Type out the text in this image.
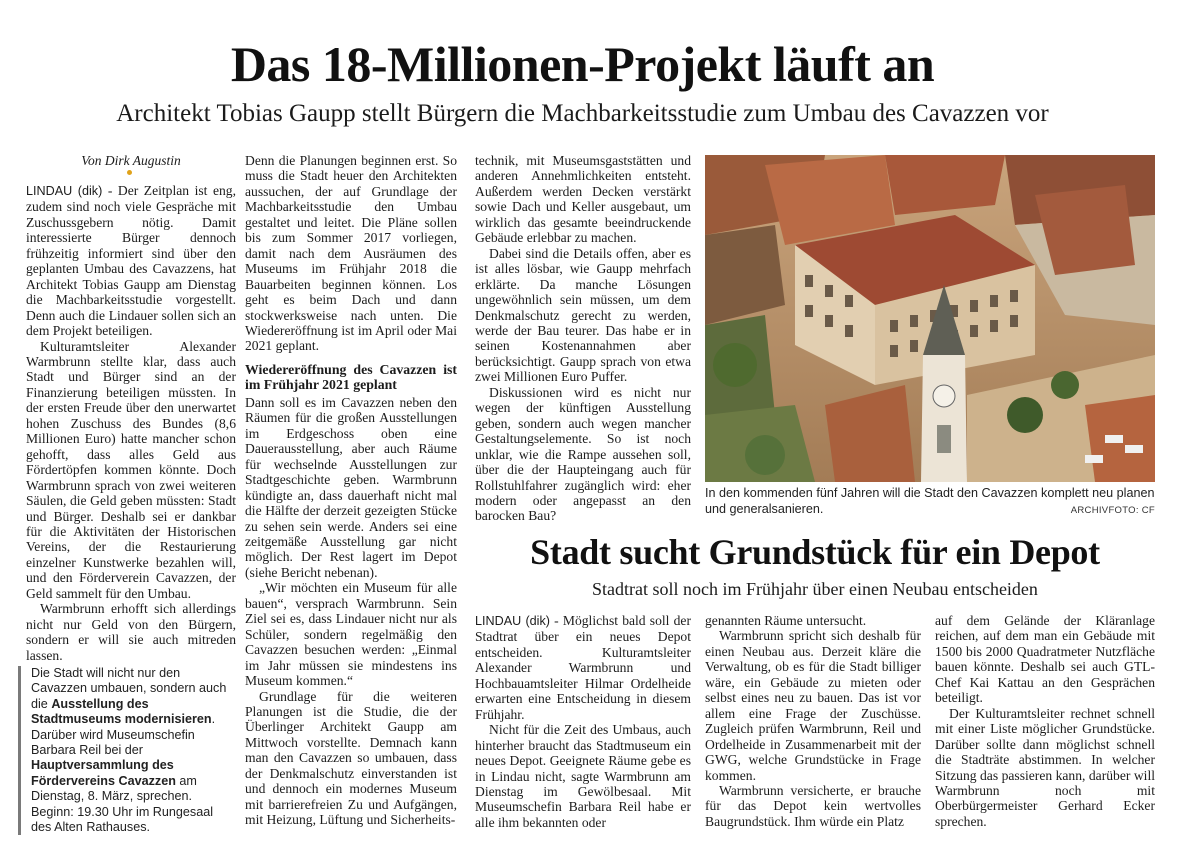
Das 18-Millionen-Projekt läuft an
Architekt Tobias Gaupp stellt Bürgern die Machbarkeitsstudie zum Umbau des Cavazzen vor
Von Dirk Augustin

LINDAU (dik) - Der Zeitplan ist eng, zudem sind noch viele Gespräche mit Zuschussgebern nötig. Damit interessierte Bürger dennoch frühzeitig informiert sind über den geplanten Umbau des Cavazzens, hat Architekt Tobias Gaupp am Dienstag die Machbarkeitsstudie vorgestellt. Denn auch die Lindauer sollen sich an dem Projekt beteiligen.

Kulturamtsleiter Alexander Warmbrunn stellte klar, dass auch Stadt und Bürger sind an der Finanzierung beteiligen müssten. In der ersten Freude über den unerwartet hohen Zuschuss des Bundes (8,6 Millionen Euro) hatte mancher schon gehofft, dass alles Geld aus Fördertöpfen kommen könnte. Doch Warmbrunn sprach von zwei weiteren Säulen, die Geld geben müssten: Stadt und Bürger. Deshalb sei er dankbar für die Aktivitäten der Historischen Vereins, der die Restaurierung einzelner Kunstwerke bezahlen will, und den Förderverein Cavazzen, der Geld sammelt für den Umbau.

Warmbrunn erhofft sich allerdings nicht nur Geld von den Bürgern, sondern er will sie auch mitreden lassen.

Die Stadt will nicht nur den Cavazzen umbauen, sondern auch die Ausstellung des Stadtmuseums modernisieren. Darüber wird Museumschefin Barbara Reil bei der Hauptversammlung des Fördervereins Cavazzen am Dienstag, 8. März, sprechen. Beginn: 19.30 Uhr im Rungesaal des Alten Rathauses.

Denn die Planungen beginnen erst. So muss die Stadt heuer den Architekten aussuchen, der auf Grundlage der Machbarkeitsstudie den Umbau gestaltet und leitet. Die Pläne sollen bis zum Sommer 2017 vorliegen, damit nach dem Ausräumen des Museums im Frühjahr 2018 die Bauarbeiten beginnen können. Los geht es beim Dach und dann stockwerksweise nach unten. Die Wiedereröffnung ist im April oder Mai 2021 geplant.

Wiedereröffnung des Cavazzen ist im Frühjahr 2021 geplant

Dann soll es im Cavazzen neben den Räumen für die großen Ausstellungen im Erdgeschoss oben eine Dauerausstellung, aber auch Räume für wechselnde Ausstellungen zur Stadtgeschichte geben. Warmbrunn kündigte an, dass dauerhaft nicht mal die Hälfte der derzeit gezeigten Stücke zu sehen sein werde. Anders sei eine zeitgemäße Ausstellung gar nicht möglich. Der Rest lagert im Depot (siehe Bericht nebenan).

„Wir möchten ein Museum für alle bauen“, versprach Warmbrunn. Sein Ziel sei es, dass Lindauer nicht nur als Schüler, sondern regelmäßig den Cavazzen besuchen werden: „Einmal im Jahr müssen sie mindestens ins Museum kommen.“

Grundlage für die weiteren Planungen ist die Studie, die der Überlinger Architekt Gaupp am Mittwoch vorstellte. Demnach kann man den Cavazzen so umbauen, dass der Denkmalschutz einverstanden ist und dennoch ein modernes Museum mit barrierefreien Zu und Aufgängen, mit Heizung, Lüftung und Sicherheits-

technik, mit Museumsgaststätten und anderen Annehmlichkeiten entsteht. Außerdem werden Decken verstärkt sowie Dach und Keller ausgebaut, um wirklich das gesamte beeindruckende Gebäude erlebbar zu machen.

Dabei sind die Details offen, aber es ist alles lösbar, wie Gaupp mehrfach erklärte. Da manche Lösungen ungewöhnlich sein müssen, um dem Denkmalschutz gerecht zu werden, werde der Bau teurer. Das habe er in seinen Kostenannahmen aber berücksichtigt. Gaupp sprach von etwa zwei Millionen Euro Puffer.

Diskussionen wird es nicht nur wegen der künftigen Ausstellung geben, sondern auch wegen mancher Gestaltungselemente. So ist noch unklar, wie die Rampe aussehen soll, über die der Haupteingang auch für Rollstuhlfahrer zugänglich wird: eher modern oder angepasst an den barocken Bau?

In den kommenden fünf Jahren will die Stadt den Cavazzen komplett neu planen und generalsanieren.	ARCHIVFOTO: CF
Stadt sucht Grundstück für ein Depot
Stadtrat soll noch im Frühjahr über einen Neubau entscheiden

LINDAU (dik) - Möglichst bald soll der Stadtrat über ein neues Depot entscheiden. Kulturamtsleiter Alexander Warmbrunn und Hochbauamtsleiter Hilmar Ordelheide erwarten eine Entscheidung in diesem Frühjahr.

Nicht für die Zeit des Umbaus, auch hinterher braucht das Stadtmuseum ein neues Depot. Geeignete Räume gebe es in Lindau nicht, sagte Warmbrunn am Dienstag im Gewölbesaal. Mit Museumschefin Barbara Reil habe er alle ihm bekannten oder

genannten Räume untersucht.

Warmbrunn spricht sich deshalb für einen Neubau aus. Derzeit kläre die Verwaltung, ob es für die Stadt billiger wäre, ein Gebäude zu mieten oder selbst eines neu zu bauen. Das ist vor allem eine Frage der Zuschüsse. Zugleich prüfen Warmbrunn, Reil und Ordelheide in Zusammenarbeit mit der GWG, welche Grundstücke in Frage kommen.

Warmbrunn versicherte, er brauche für das Depot kein wertvolles Baugrundstück. Ihm würde ein Platz

auf dem Gelände der Kläranlage reichen, auf dem man ein Gebäude mit 1500 bis 2000 Quadratmeter Nutzfläche bauen könnte. Deshalb sei auch GTL-Chef Kai Kattau an den Gesprächen beteiligt.

Der Kulturamtsleiter rechnet schnell mit einer Liste möglicher Grundstücke. Darüber sollte dann möglichst schnell die Stadträte abstimmen. In welcher Sitzung das passieren kann, darüber will Warmbrunn noch mit Oberbürgermeister Gerhard Ecker sprechen.
